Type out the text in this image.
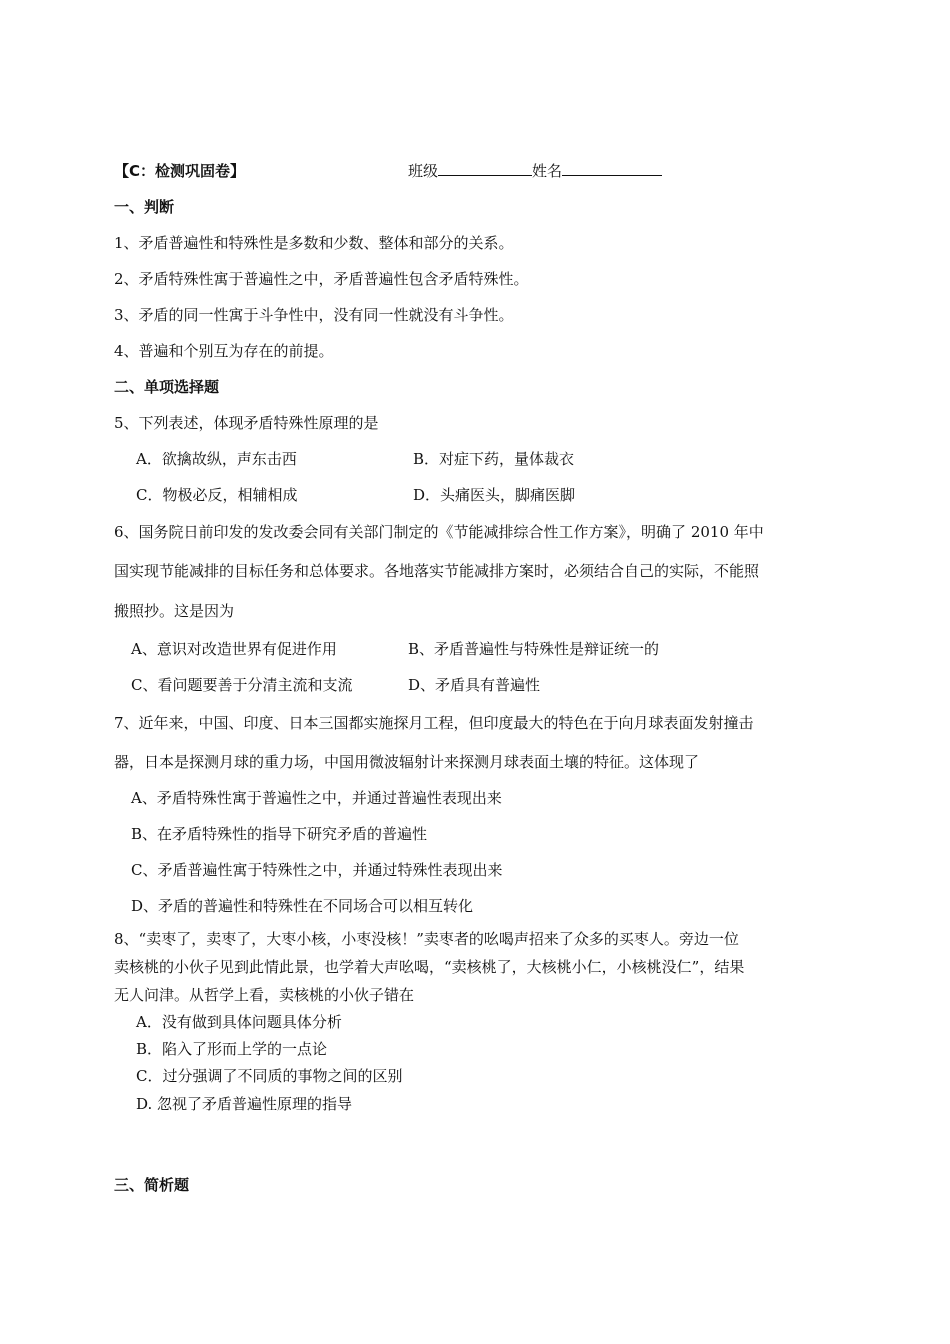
【C：检测巩固卷】	班级	姓名
一、判断
1、矛盾普遍性和特殊性是多数和少数、整体和部分的关系。
2、矛盾特殊性寓于普遍性之中，矛盾普遍性包含矛盾特殊性。
3、矛盾的同一性寓于斗争性中，没有同一性就没有斗争性。
4、普遍和个别互为存在的前提。
二、单项选择题
5、下列表述，体现矛盾特殊性原理的是
A．欲擒故纵，声东击西	B．对症下药，量体裁衣
C．物极必反，相辅相成	D．头痛医头，脚痛医脚
6、国务院日前印发的发改委会同有关部门制定的《节能减排综合性工作方案》，明确了 2010 年中
国实现节能减排的目标任务和总体要求。各地落实节能减排方案时，必须结合自己的实际，不能照
搬照抄。这是因为
A、意识对改造世界有促进作用	B、矛盾普遍性与特殊性是辩证统一的
C、看问题要善于分清主流和支流	D、矛盾具有普遍性
7、近年来，中国、印度、日本三国都实施探月工程，但印度最大的特色在于向月球表面发射撞击
器，日本是探测月球的重力场，中国用微波辐射计来探测月球表面土壤的特征。这体现了
A、矛盾特殊性寓于普遍性之中，并通过普遍性表现出来
B、在矛盾特殊性的指导下研究矛盾的普遍性
C、矛盾普遍性寓于特殊性之中，并通过特殊性表现出来
D、矛盾的普遍性和特殊性在不同场合可以相互转化
8、“卖枣了，卖枣了，大枣小核，小枣没核！”卖枣者的吆喝声招来了众多的买枣人。旁边一位
卖核桃的小伙子见到此情此景，也学着大声吆喝，“卖核桃了，大核桃小仁，小核桃没仁”，结果
无人问津。从哲学上看，卖核桃的小伙子错在
A．没有做到具体问题具体分析
B．陷入了形而上学的一点论
C．过分强调了不同质的事物之间的区别
D. 忽视了矛盾普遍性原理的指导
三、简析题
